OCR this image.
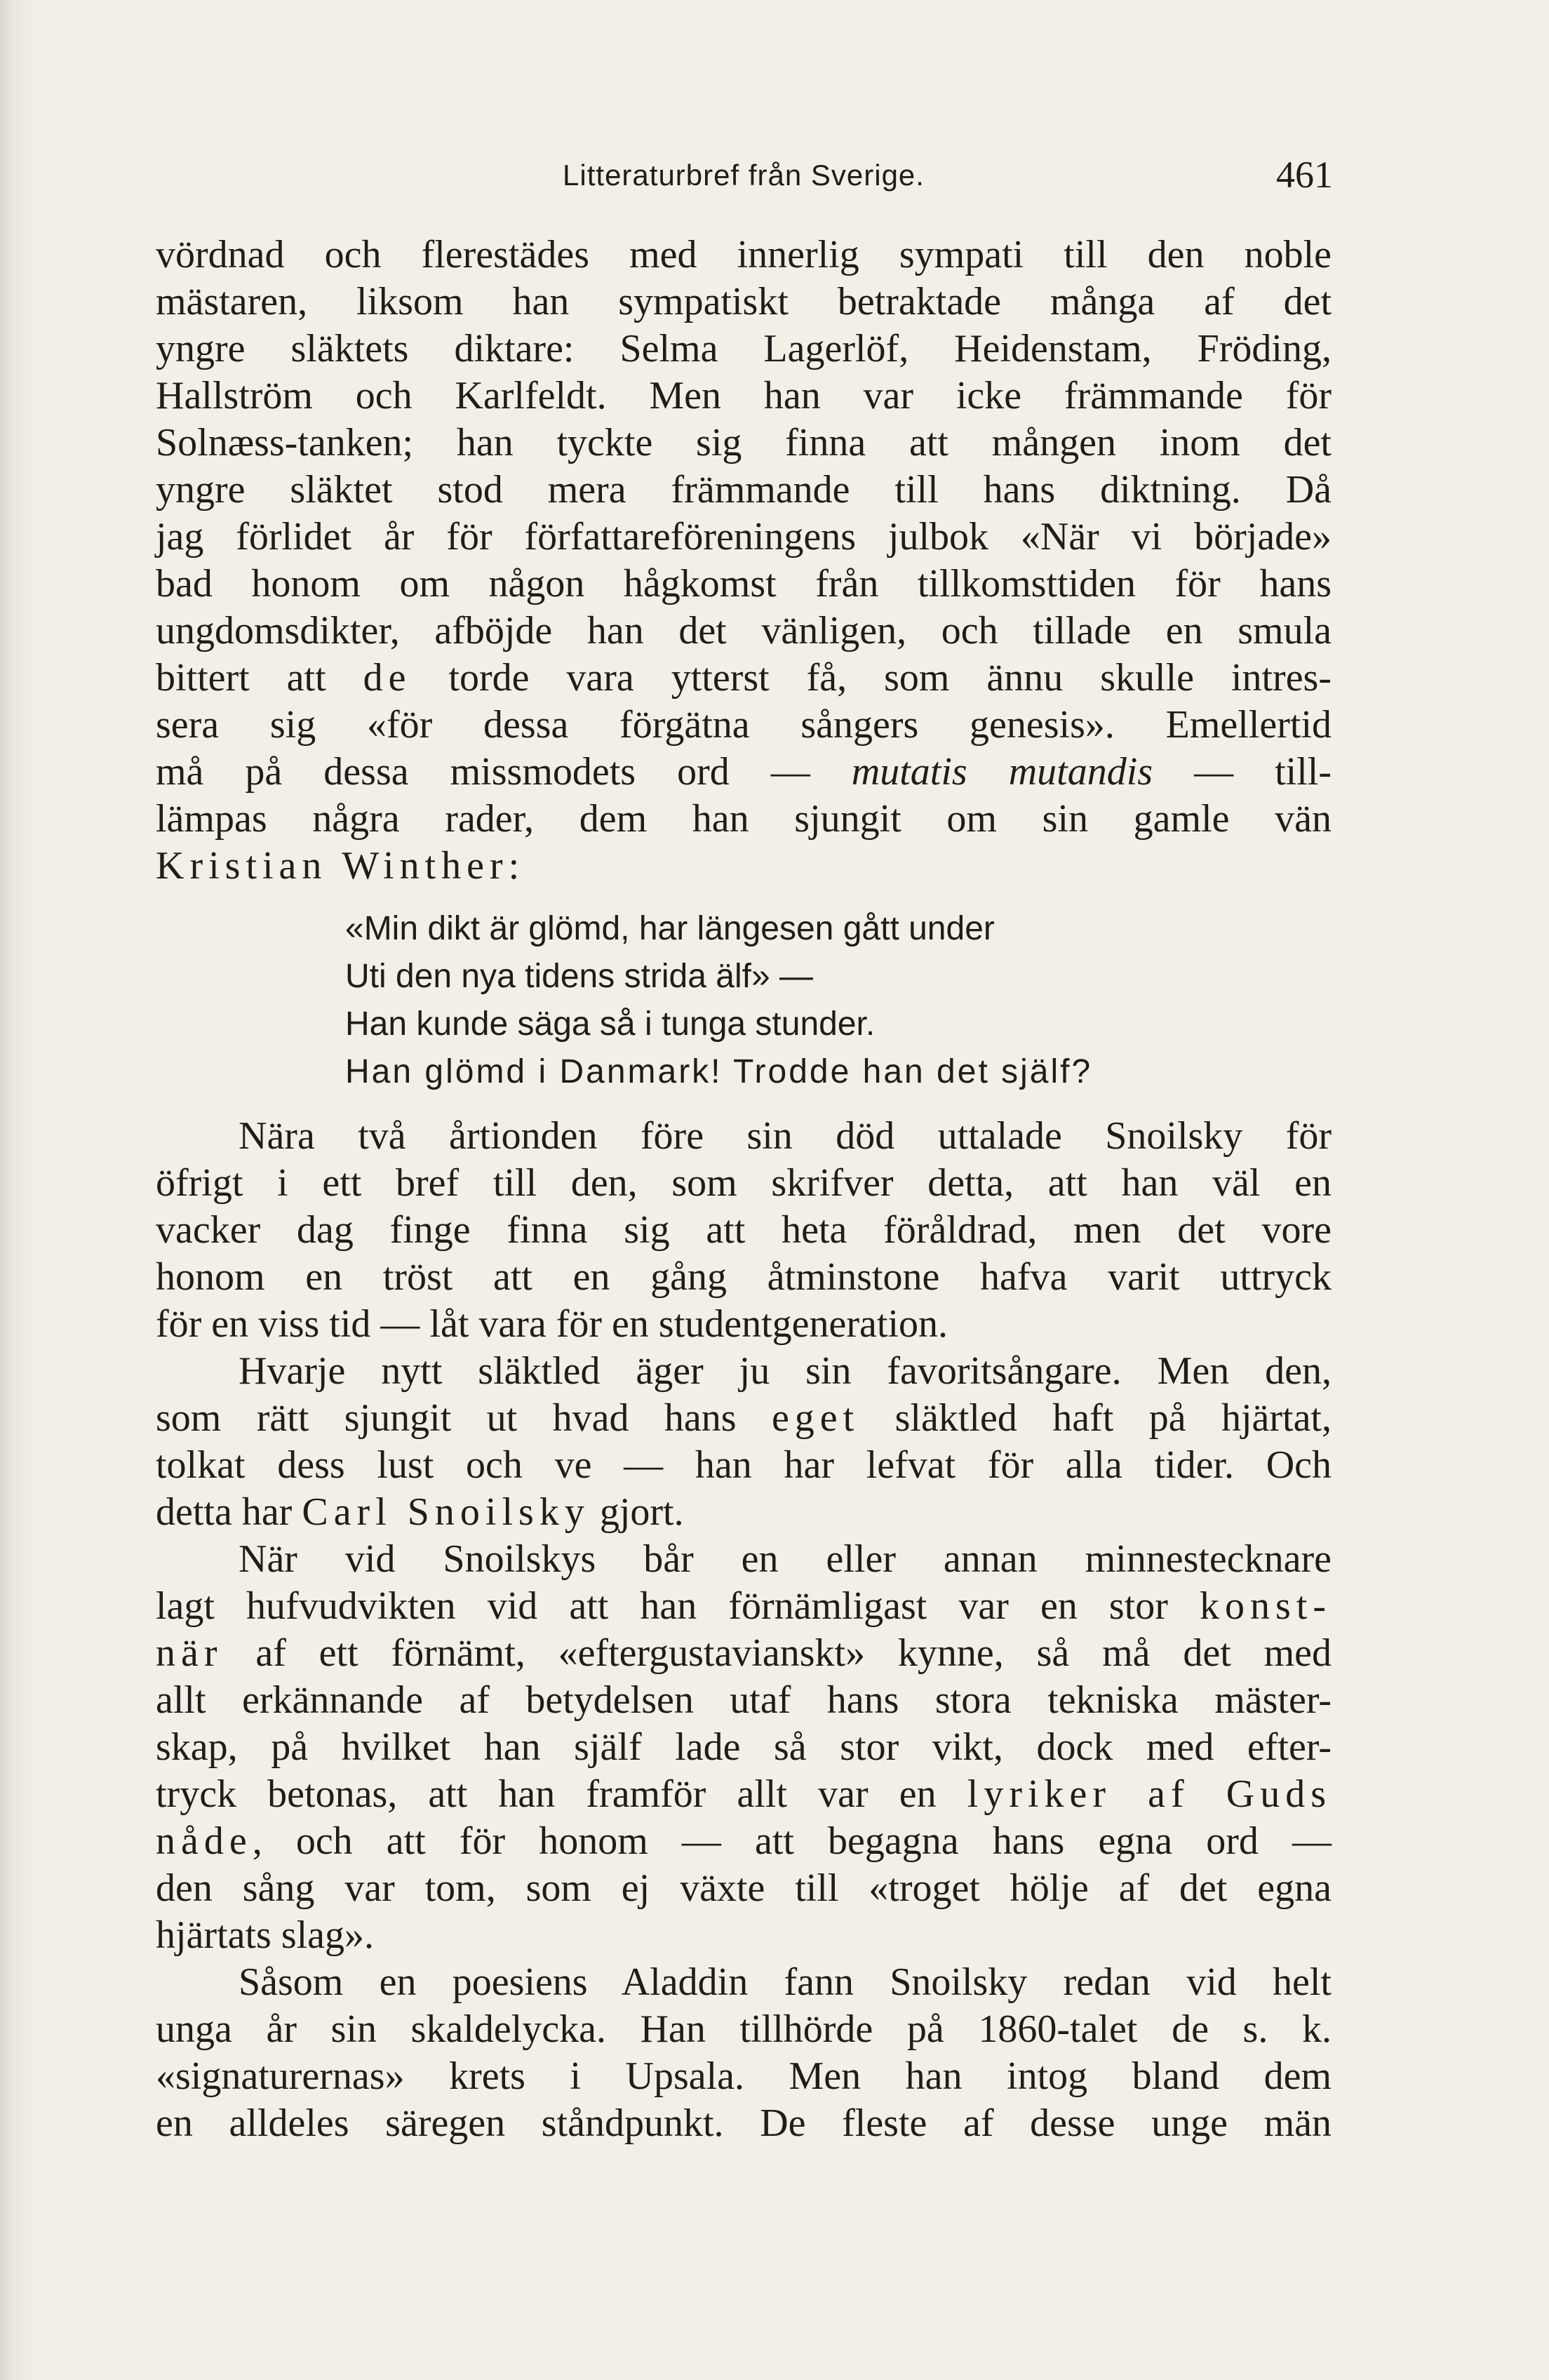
Litteraturbref från Sverige.	461
vördnad och flerestädes med innerlig sympati till den noble
mästaren, liksom han sympatiskt betraktade många af det
yngre släktets diktare: Selma Lagerlöf, Heidenstam, Fröding,
Hallström och Karlfeldt. Men han var icke främmande för
Solnæss-tanken; han tyckte sig finna att mången inom det
yngre släktet stod mera främmande till hans diktning. Då
jag förlidet år för författareföreningens julbok «När vi började»
bad honom om någon hågkomst från tillkomsttiden för hans
ungdomsdikter, afböjde han det vänligen, och tillade en smula
bittert att de torde vara ytterst få, som ännu skulle intres-
sera sig «för dessa förgätna sångers genesis». Emellertid
må på dessa missmodets ord — mutatis mutandis — till-
lämpas några rader, dem han sjungit om sin gamle vän
Kristian Winther:
«Min dikt är glömd, har längesen gått under
Uti den nya tidens strida älf» —
Han kunde säga så i tunga stunder.
Han glömd i Danmark! Trodde han det själf?
Nära två årtionden före sin död uttalade Snoilsky för
öfrigt i ett bref till den, som skrifver detta, att han väl en
vacker dag finge finna sig att heta föråldrad, men det vore
honom en tröst att en gång åtminstone hafva varit uttryck
för en viss tid — låt vara för en studentgeneration.
Hvarje nytt släktled äger ju sin favoritsångare. Men den,
som rätt sjungit ut hvad hans eget släktled haft på hjärtat,
tolkat dess lust och ve — han har lefvat för alla tider. Och
detta har Carl Snoilsky gjort.
När vid Snoilskys bår en eller annan minnestecknare
lagt hufvudvikten vid att han förnämligast var en stor konst-
när af ett förnämt, «eftergustavianskt» kynne, så må det med
allt erkännande af betydelsen utaf hans stora tekniska mäster-
skap, på hvilket han själf lade så stor vikt, dock med efter-
tryck betonas, att han framför allt var en lyriker af Guds
nåde, och att för honom — att begagna hans egna ord —
den sång var tom, som ej växte till «troget hölje af det egna
hjärtats slag».
Såsom en poesiens Aladdin fann Snoilsky redan vid helt
unga år sin skaldelycka. Han tillhörde på 1860-talet de s. k.
«signaturernas» krets i Upsala. Men han intog bland dem
en alldeles säregen ståndpunkt. De fleste af desse unge män
